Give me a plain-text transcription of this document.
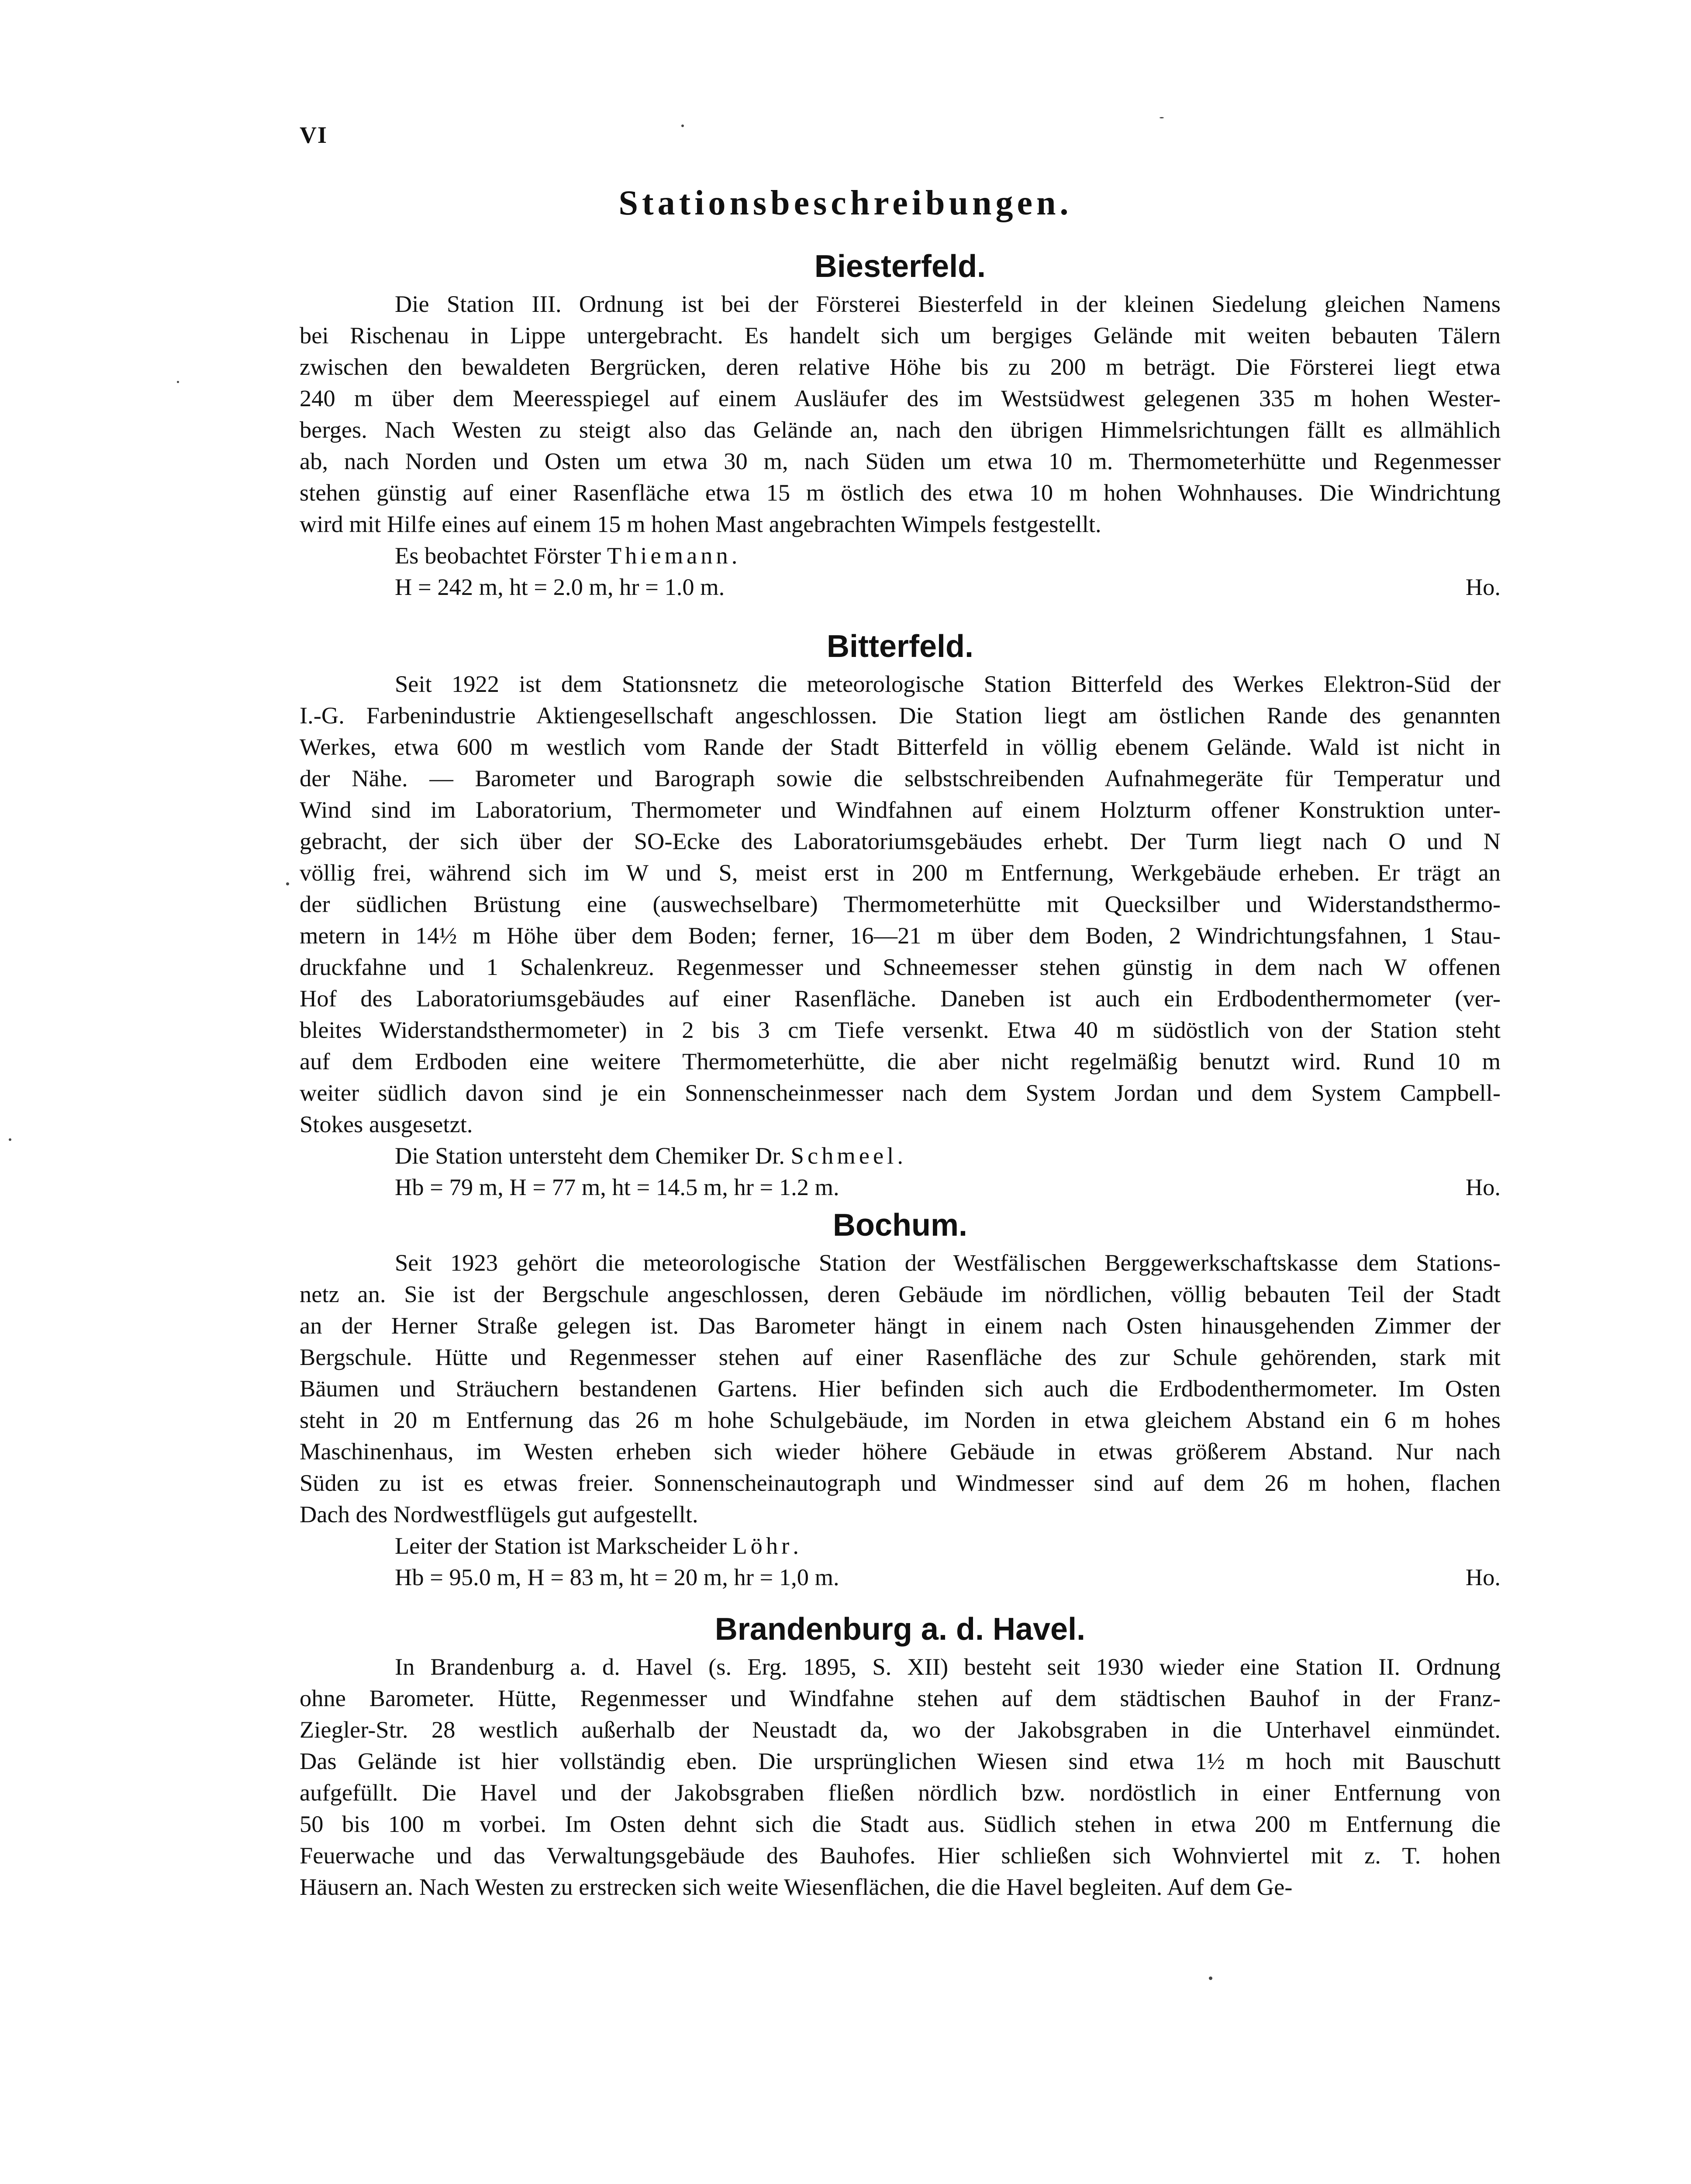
VI
Stationsbeschreibungen.
Biesterfeld.
Die Station III. Ordnung ist bei der Försterei Biesterfeld in der kleinen Siedelung gleichen Namens
bei Rischenau in Lippe untergebracht. Es handelt sich um bergiges Gelände mit weiten bebauten Tälern
zwischen den bewaldeten Bergrücken, deren relative Höhe bis zu 200 m beträgt. Die Försterei liegt etwa
240 m über dem Meeresspiegel auf einem Ausläufer des im Westsüdwest gelegenen 335 m hohen Wester-
berges. Nach Westen zu steigt also das Gelände an, nach den übrigen Himmelsrichtungen fällt es allmählich
ab, nach Norden und Osten um etwa 30 m, nach Süden um etwa 10 m. Thermometerhütte und Regenmesser
stehen günstig auf einer Rasenfläche etwa 15 m östlich des etwa 10 m hohen Wohnhauses. Die Windrichtung
wird mit Hilfe eines auf einem 15 m hohen Mast angebrachten Wimpels festgestellt.
Es beobachtet Förster Thiemann.
H = 242 m, ht = 2.0 m, hr = 1.0 m.	Ho.
Bitterfeld.
Seit 1922 ist dem Stationsnetz die meteorologische Station Bitterfeld des Werkes Elektron-Süd der
I.-G. Farbenindustrie Aktiengesellschaft angeschlossen. Die Station liegt am östlichen Rande des genannten
Werkes, etwa 600 m westlich vom Rande der Stadt Bitterfeld in völlig ebenem Gelände. Wald ist nicht in
der Nähe. — Barometer und Barograph sowie die selbstschreibenden Aufnahmegeräte für Temperatur und
Wind sind im Laboratorium, Thermometer und Windfahnen auf einem Holzturm offener Konstruktion unter-
gebracht, der sich über der SO-Ecke des Laboratoriumsgebäudes erhebt. Der Turm liegt nach O und N
völlig frei, während sich im W und S, meist erst in 200 m Entfernung, Werkgebäude erheben. Er trägt an
der südlichen Brüstung eine (auswechselbare) Thermometerhütte mit Quecksilber und Widerstandsthermo-
metern in 14½ m Höhe über dem Boden; ferner, 16—21 m über dem Boden, 2 Windrichtungsfahnen, 1 Stau-
druckfahne und 1 Schalenkreuz. Regenmesser und Schneemesser stehen günstig in dem nach W offenen
Hof des Laboratoriumsgebäudes auf einer Rasenfläche. Daneben ist auch ein Erdbodenthermometer (ver-
bleites Widerstandsthermometer) in 2 bis 3 cm Tiefe versenkt. Etwa 40 m südöstlich von der Station steht
auf dem Erdboden eine weitere Thermometerhütte, die aber nicht regelmäßig benutzt wird. Rund 10 m
weiter südlich davon sind je ein Sonnenscheinmesser nach dem System Jordan und dem System Campbell-
Stokes ausgesetzt.
Die Station untersteht dem Chemiker Dr. Schmeel.
Hb = 79 m, H = 77 m, ht = 14.5 m, hr = 1.2 m.	Ho.
Bochum.
Seit 1923 gehört die meteorologische Station der Westfälischen Berggewerkschaftskasse dem Stations-
netz an. Sie ist der Bergschule angeschlossen, deren Gebäude im nördlichen, völlig bebauten Teil der Stadt
an der Herner Straße gelegen ist. Das Barometer hängt in einem nach Osten hinausgehenden Zimmer der
Bergschule. Hütte und Regenmesser stehen auf einer Rasenfläche des zur Schule gehörenden, stark mit
Bäumen und Sträuchern bestandenen Gartens. Hier befinden sich auch die Erdbodenthermometer. Im Osten
steht in 20 m Entfernung das 26 m hohe Schulgebäude, im Norden in etwa gleichem Abstand ein 6 m hohes
Maschinenhaus, im Westen erheben sich wieder höhere Gebäude in etwas größerem Abstand. Nur nach
Süden zu ist es etwas freier. Sonnenscheinautograph und Windmesser sind auf dem 26 m hohen, flachen
Dach des Nordwestflügels gut aufgestellt.
Leiter der Station ist Markscheider Löhr.
Hb = 95.0 m, H = 83 m, ht = 20 m, hr = 1,0 m.	Ho.
Brandenburg a. d. Havel.
In Brandenburg a. d. Havel (s. Erg. 1895, S. XII) besteht seit 1930 wieder eine Station II. Ordnung
ohne Barometer. Hütte, Regenmesser und Windfahne stehen auf dem städtischen Bauhof in der Franz-
Ziegler-Str. 28 westlich außerhalb der Neustadt da, wo der Jakobsgraben in die Unterhavel einmündet.
Das Gelände ist hier vollständig eben. Die ursprünglichen Wiesen sind etwa 1½ m hoch mit Bauschutt
aufgefüllt. Die Havel und der Jakobsgraben fließen nördlich bzw. nordöstlich in einer Entfernung von
50 bis 100 m vorbei. Im Osten dehnt sich die Stadt aus. Südlich stehen in etwa 200 m Entfernung die
Feuerwache und das Verwaltungsgebäude des Bauhofes. Hier schließen sich Wohnviertel mit z. T. hohen
Häusern an. Nach Westen zu erstrecken sich weite Wiesenflächen, die die Havel begleiten. Auf dem Ge-
